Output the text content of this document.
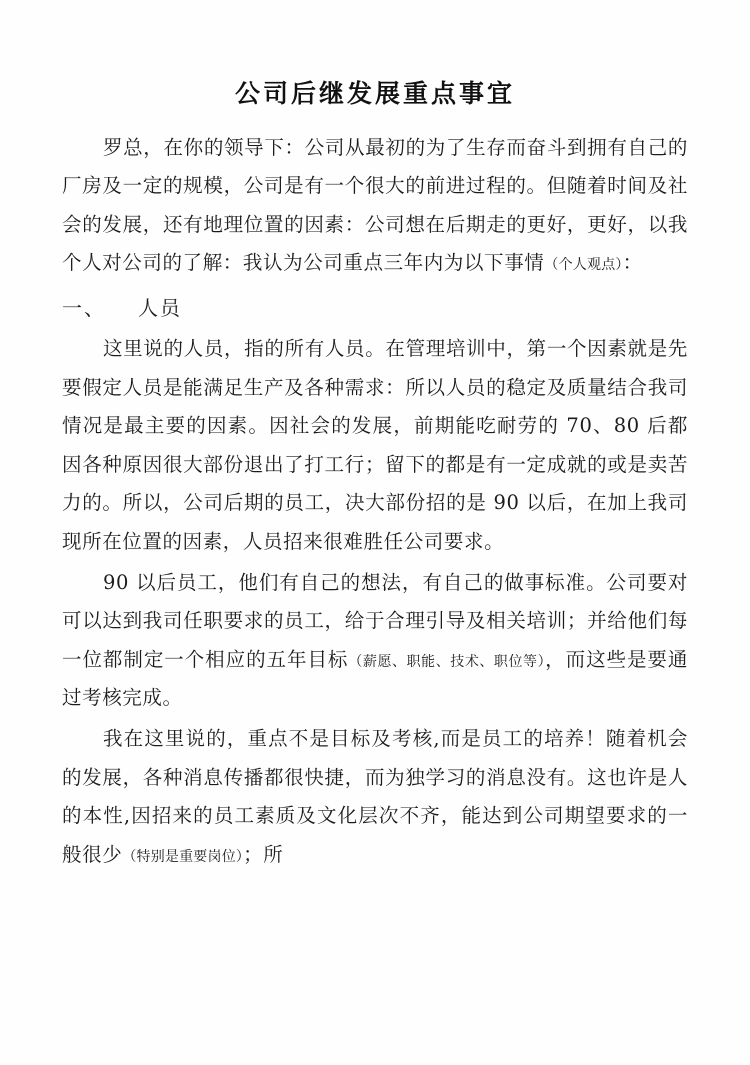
公司后继发展重点事宜

罗总，在你的领导下：公司从最初的为了生存而奋斗到拥有自己的厂房及一定的规模，公司是有一个很大的前进过程的。但随着时间及社会的发展，还有地理位置的因素：公司想在后期走的更好，更好，以我个人对公司的了解：我认为公司重点三年内为以下事情（个人观点）：

一、 人员

这里说的人员，指的所有人员。在管理培训中，第一个因素就是先要假定人员是能满足生产及各种需求：所以人员的稳定及质量结合我司情况是最主要的因素。因社会的发展，前期能吃耐劳的 70、80 后都因各种原因很大部份退出了打工行；留下的都是有一定成就的或是卖苦力的。所以，公司后期的员工，决大部份招的是 90 以后，在加上我司现所在位置的因素，人员招来很难胜任公司要求。

90 以后员工，他们有自己的想法，有自己的做事标准。公司要对可以达到我司任职要求的员工，给于合理引导及相关培训；并给他们每一位都制定一个相应的五年目标（薪愿、职能、技术、职位等），而这些是要通过考核完成。

我在这里说的，重点不是目标及考核,而是员工的培养！随着机会的发展，各种消息传播都很快捷，而为独学习的消息没有。这也许是人的本性,因招来的员工素质及文化层次不齐，能达到公司期望要求的一般很少（特别是重要岗位）；所
